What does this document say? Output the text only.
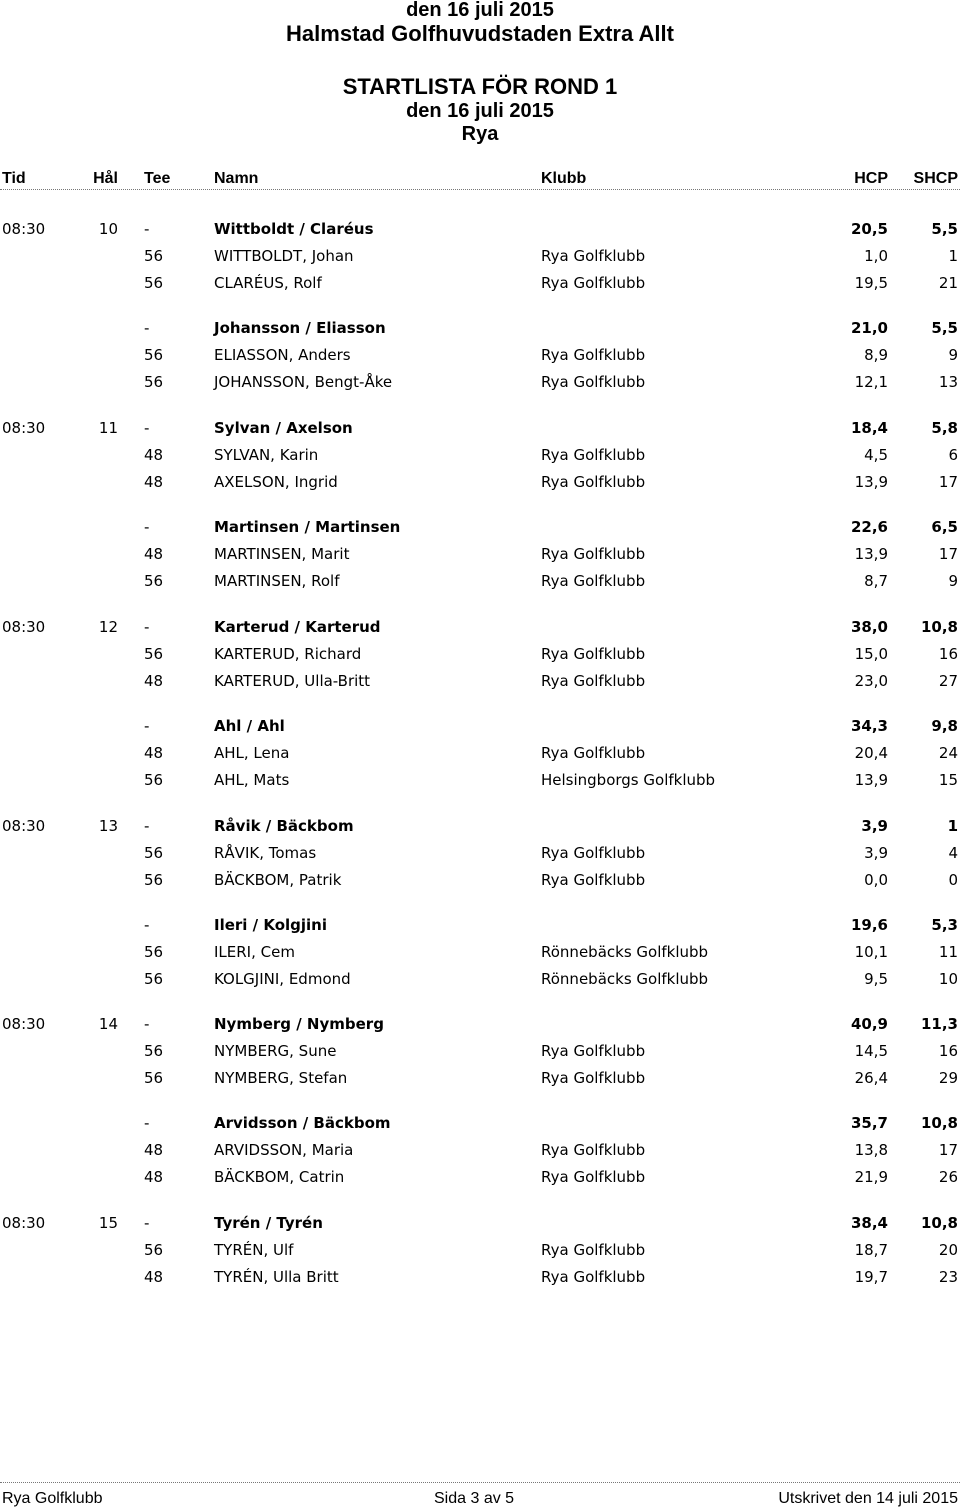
den 16 juli 2015
Halmstad Golfhuvudstaden Extra Allt
STARTLISTA FÖR ROND 1
den 16 juli 2015
Rya
Tid	Hål Tee	Namn	Klubb	HCP SHCP
08:30	10 -	Wittboldt / Claréus	20,5	5,5
56	WITTBOLDT, Johan	Rya Golfklubb	1,0	1
56	CLARÉUS, Rolf	Rya Golfklubb	19,5	21
-	Johansson / Eliasson	21,0	5,5
56	ELIASSON, Anders	Rya Golfklubb	8,9	9
56	JOHANSSON, Bengt-Åke	Rya Golfklubb	12,1	13
08:30	11 -	Sylvan / Axelson	18,4	5,8
48	SYLVAN, Karin	Rya Golfklubb	4,5	6
48	AXELSON, Ingrid	Rya Golfklubb	13,9	17
-	Martinsen / Martinsen	22,6	6,5
48	MARTINSEN, Marit	Rya Golfklubb	13,9	17
56	MARTINSEN, Rolf	Rya Golfklubb	8,7	9
08:30	12 -	Karterud / Karterud	38,0 10,8
56	KARTERUD, Richard	Rya Golfklubb	15,0	16
48	KARTERUD, Ulla-Britt	Rya Golfklubb	23,0	27
-	Ahl / Ahl	34,3	9,8
48	AHL, Lena	Rya Golfklubb	20,4	24
56	AHL, Mats	Helsingborgs Golfklubb	13,9	15
08:30	13 -	Råvik / Bäckbom	3,9	1
56	RÅVIK, Tomas	Rya Golfklubb	3,9	4
56	BÄCKBOM, Patrik	Rya Golfklubb	0,0	0
-	Ileri / Kolgjini	19,6	5,3
56	ILERI, Cem	Rönnebäcks Golfklubb	10,1	11
56	KOLGJINI, Edmond	Rönnebäcks Golfklubb	9,5	10
08:30	14 -	Nymberg / Nymberg	40,9 11,3
56	NYMBERG, Sune	Rya Golfklubb	14,5	16
56	NYMBERG, Stefan	Rya Golfklubb	26,4	29
-	Arvidsson / Bäckbom	35,7 10,8
48	ARVIDSSON, Maria	Rya Golfklubb	13,8	17
48	BÄCKBOM, Catrin	Rya Golfklubb	21,9	26
08:30	15 -	Tyrén / Tyrén	38,4 10,8
56	TYRÉN, Ulf	Rya Golfklubb	18,7	20
48	TYRÉN, Ulla Britt	Rya Golfklubb	19,7	23
Rya Golfklubb	Sida 3 av 5	Utskrivet den 14 juli 2015
